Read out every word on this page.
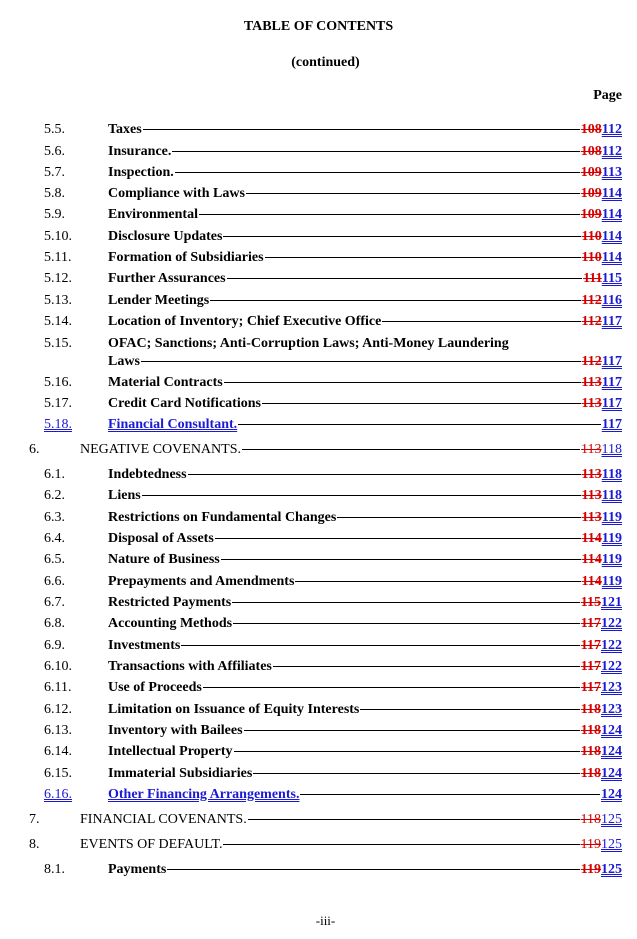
TABLE OF CONTENTS
(continued)
Page
5.5.	Taxes	108112
5.6.	Insurance.	108112
5.7.	Inspection.	109113
5.8.	Compliance with Laws	109114
5.9.	Environmental	109114
5.10.	Disclosure Updates	110114
5.11.	Formation of Subsidiaries	110114
5.12.	Further Assurances	111115
5.13.	Lender Meetings	112116
5.14.	Location of Inventory; Chief Executive Office	112117
5.15.	OFAC; Sanctions; Anti-Corruption Laws; Anti-Money Laundering
Laws	112117
5.16.	Material Contracts	113117
5.17.	Credit Card Notifications	113117
5.18.	Financial Consultant.	117
6.	NEGATIVE COVENANTS.	113118
6.1.	Indebtedness	113118
6.2.	Liens	113118
6.3.	Restrictions on Fundamental Changes	113119
6.4.	Disposal of Assets	114119
6.5.	Nature of Business	114119
6.6.	Prepayments and Amendments	114119
6.7.	Restricted Payments	115121
6.8.	Accounting Methods	117122
6.9.	Investments	117122
6.10.	Transactions with Affiliates	117122
6.11.	Use of Proceeds	117123
6.12.	Limitation on Issuance of Equity Interests	118123
6.13.	Inventory with Bailees	118124
6.14.	Intellectual Property	118124
6.15.	Immaterial Subsidiaries	118124
6.16.	Other Financing Arrangements.	124
7.	FINANCIAL COVENANTS.	118125
8.	EVENTS OF DEFAULT.	119125
8.1.	Payments	119125
-iii-
